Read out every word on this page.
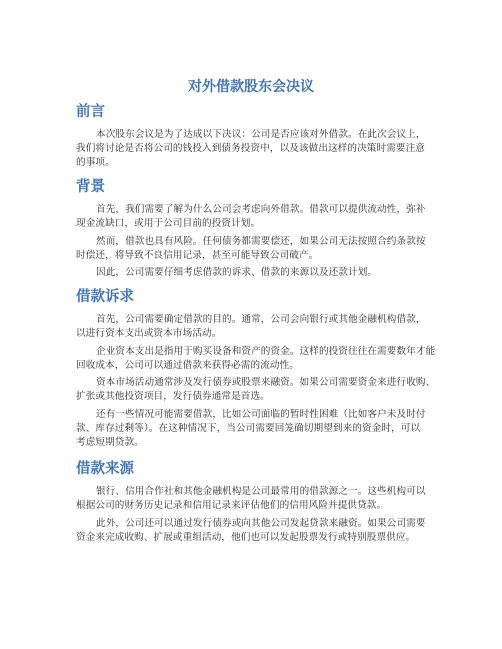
对外借款股东会决议
前言
本次股东会议是为了达成以下决议：公司是否应该对外借款。在此次会议上，
我们将讨论是否将公司的钱投入到债务投资中，以及该做出这样的决策时需要注意
的事项。
背景
首先，我们需要了解为什么公司会考虑向外借款。借款可以提供流动性，弥补
现金流缺口，或用于公司目前的投资计划。
然而，借款也具有风险。任何债务都需要偿还，如果公司无法按照合约条款按
时偿还，将导致不良信用记录，甚至可能导致公司破产。
因此，公司需要仔细考虑借款的诉求、借款的来源以及还款计划。
借款诉求
首先，公司需要确定借款的目的。通常，公司会向银行或其他金融机构借款，
以进行资本支出或资本市场活动。
企业资本支出是指用于购买设备和资产的资金。这样的投资往往在需要数年才能
回收成本，公司可以通过借款来获得必需的流动性。
资本市场活动通常涉及发行债券或股票来融资。如果公司需要资金来进行收购、
扩张或其他投资项目，发行债券通常是首选。
还有一些情况可能需要借款，比如公司面临的暂时性困难（比如客户未及时付
款、库存过剩等）。在这种情况下，当公司需要回笼确切期望到来的资金时，可以
考虑短期贷款。
借款来源
银行、信用合作社和其他金融机构是公司最常用的借款源之一。这些机构可以
根据公司的财务历史记录和信用记录来评估他们的信用风险并提供贷款。
此外，公司还可以通过发行债券或向其他公司发起贷款来融资。如果公司需要
资金来完成收购、扩展或重组活动，他们也可以发起股票发行或特别股票供应。
